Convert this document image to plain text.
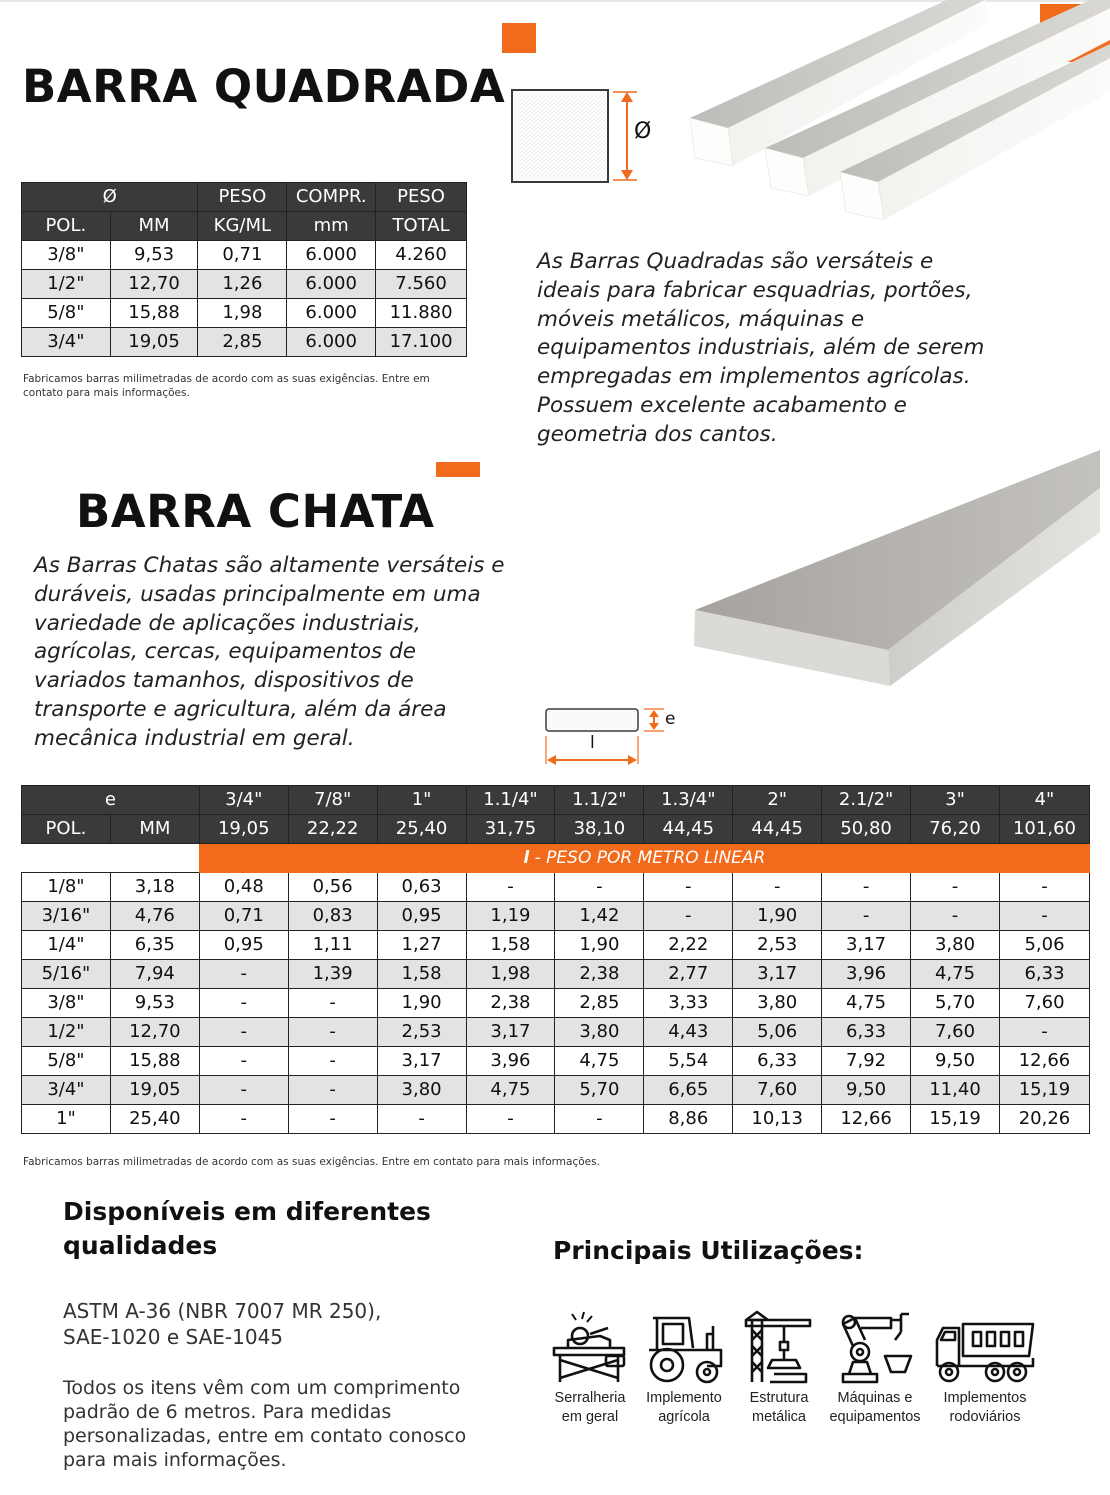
BARRA QUADRADA
Ø
Ø		PESO	COMPR.	PESO
POL.	MM	KG/ML	mm	TOTAL
3/8"	9,53	0,71	6.000	4.260
1/2"	12,70	1,26	6.000	7.560
5/8"	15,88	1,98	6.000	11.880
3/4"	19,05	2,85	6.000	17.100
Fabricamos barras milimetradas de acordo com as suas exigências. Entre em contato para mais informações.
As Barras Quadradas são versáteis e
ideais para fabricar esquadrias, portões,
móveis metálicos, máquinas e
equipamentos industriais, além de serem
empregadas em implementos agrícolas.
Possuem excelente acabamento e
geometria dos cantos.
BARRA CHATA
As Barras Chatas são altamente versáteis e
duráveis, usadas principalmente em uma
variedade de aplicações industriais,
agrícolas, cercas, equipamentos de
variados tamanhos, dispositivos de
transporte e agricultura, além da área
mecânica industrial em geral.
e
l
e		3/4"	7/8"	1"	1.1/4"	1.1/2"	1.3/4"	2"	2.1/2"	3"	4"
POL.	MM	19,05	22,22	25,40	31,75	38,10	44,45	44,45	50,80	76,20	101,60
		l - PESO POR METRO LINEAR									
1/8"	3,18	0,48	0,56	0,63	-	-	-	-	-	-	-
3/16"	4,76	0,71	0,83	0,95	1,19	1,42	-	1,90	-	-	-
1/4"	6,35	0,95	1,11	1,27	1,58	1,90	2,22	2,53	3,17	3,80	5,06
5/16"	7,94	-	1,39	1,58	1,98	2,38	2,77	3,17	3,96	4,75	6,33
3/8"	9,53	-	-	1,90	2,38	2,85	3,33	3,80	4,75	5,70	7,60
1/2"	12,70	-	-	2,53	3,17	3,80	4,43	5,06	6,33	7,60	-
5/8"	15,88	-	-	3,17	3,96	4,75	5,54	6,33	7,92	9,50	12,66
3/4"	19,05	-	-	3,80	4,75	5,70	6,65	7,60	9,50	11,40	15,19
1"	25,40	-	-	-	-	-	8,86	10,13	12,66	15,19	20,26
Fabricamos barras milimetradas de acordo com as suas exigências. Entre em contato para mais informações.
Disponíveis em diferentes
qualidades
ASTM A-36 (NBR 7007 MR 250),
SAE-1020 e SAE-1045
Todos os itens vêm com um comprimento
padrão de 6 metros. Para medidas
personalizadas, entre em contato conosco
para mais informações.
Principais Utilizações:
Serralheria
em geral
Implemento
agrícola
Estrutura
metálica
Máquinas e
equipamentos
Implementos
rodoviários
